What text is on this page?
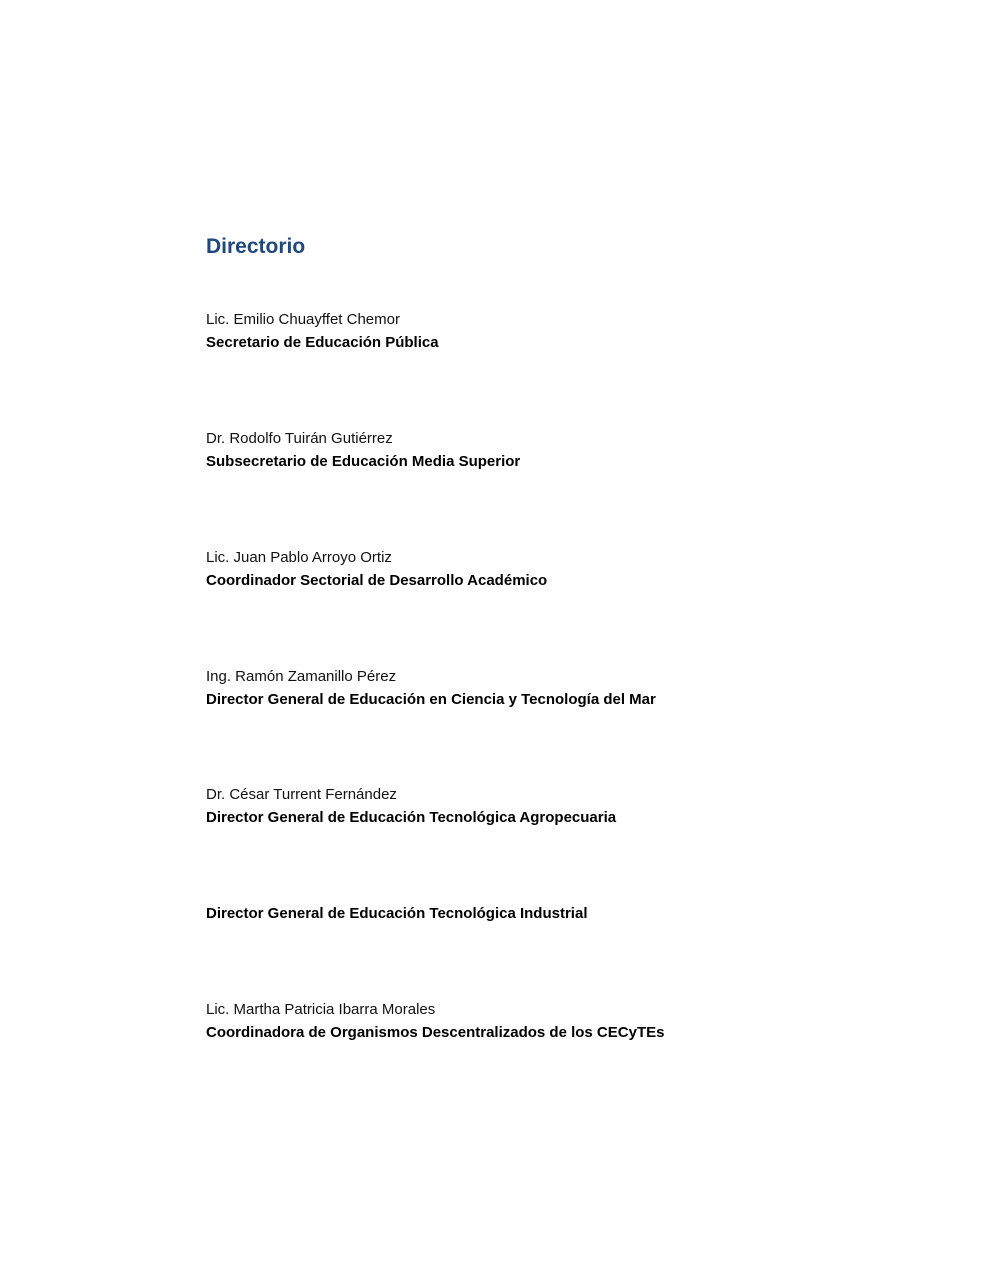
Directorio
Lic. Emilio Chuayffet Chemor
Secretario de Educación Pública
Dr. Rodolfo Tuirán Gutiérrez
Subsecretario de Educación Media Superior
Lic. Juan Pablo Arroyo Ortiz
Coordinador Sectorial de Desarrollo Académico
Ing. Ramón Zamanillo Pérez
Director General de Educación en Ciencia y Tecnología del Mar
Dr. César Turrent Fernández
Director General de Educación Tecnológica Agropecuaria
Director General de Educación Tecnológica Industrial
Lic. Martha Patricia Ibarra Morales
Coordinadora de Organismos Descentralizados de los CECyTEs
